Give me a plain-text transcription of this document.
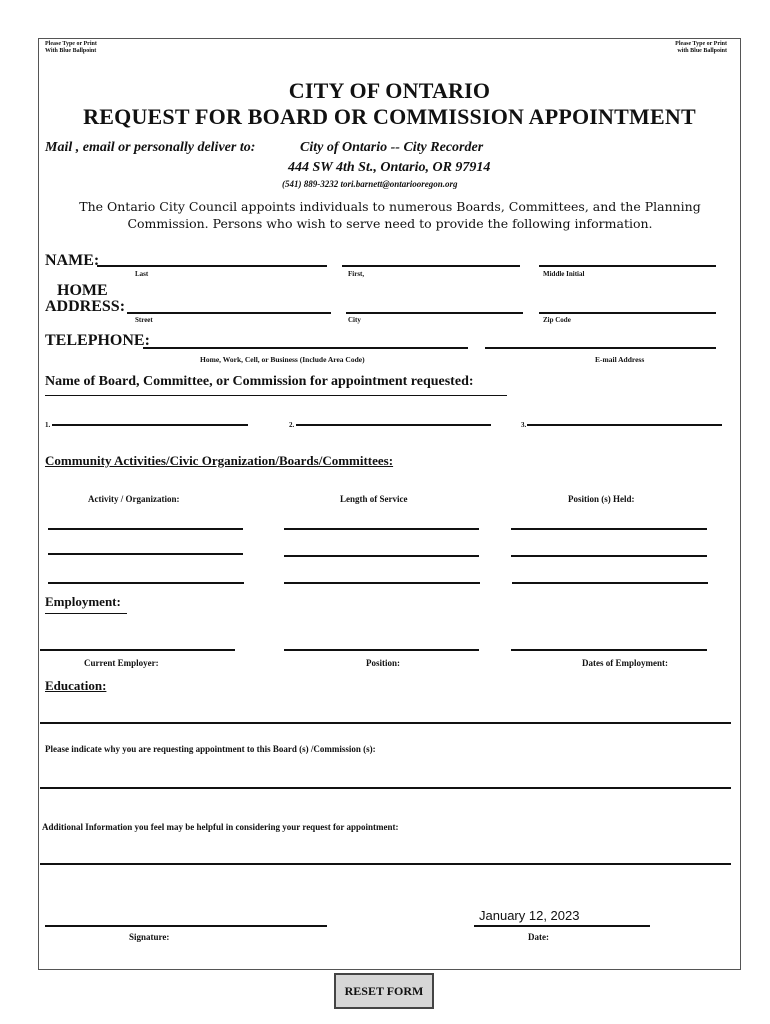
Please Type or Print
With Blue Ballpoint
Please Type or Print
with Blue Ballpoint
CITY OF ONTARIO
REQUEST FOR BOARD OR COMMISSION APPOINTMENT
Mail , email or personally deliver to:	City of Ontario -- City Recorder
444 SW 4th St., Ontario, OR 97914
(541) 889-3232 tori.barnett@ontariooregon.org
The Ontario City Council appoints individuals to numerous Boards, Committees, and the Planning Commission. Persons who wish to serve need to provide the following information.
NAME:
Last	First,	Middle Initial
HOME
ADDRESS:
Street	City	Zip Code
TELEPHONE:
Home, Work, Cell, or Business (Include Area Code)	E-mail Address
Name of Board, Committee, or Commission for appointment requested:
1.	2.	3.
Community Activities/Civic Organization/Boards/Committees:
Activity / Organization:	Length of Service	Position (s) Held:
Employment:
Current Employer:	Position:	Dates of Employment:
Education:
Please indicate why you are requesting appointment to this Board (s) /Commission (s):
Additional Information you feel may be helpful in considering your request for appointment:
Signature:
January 12, 2023
Date:
RESET FORM
